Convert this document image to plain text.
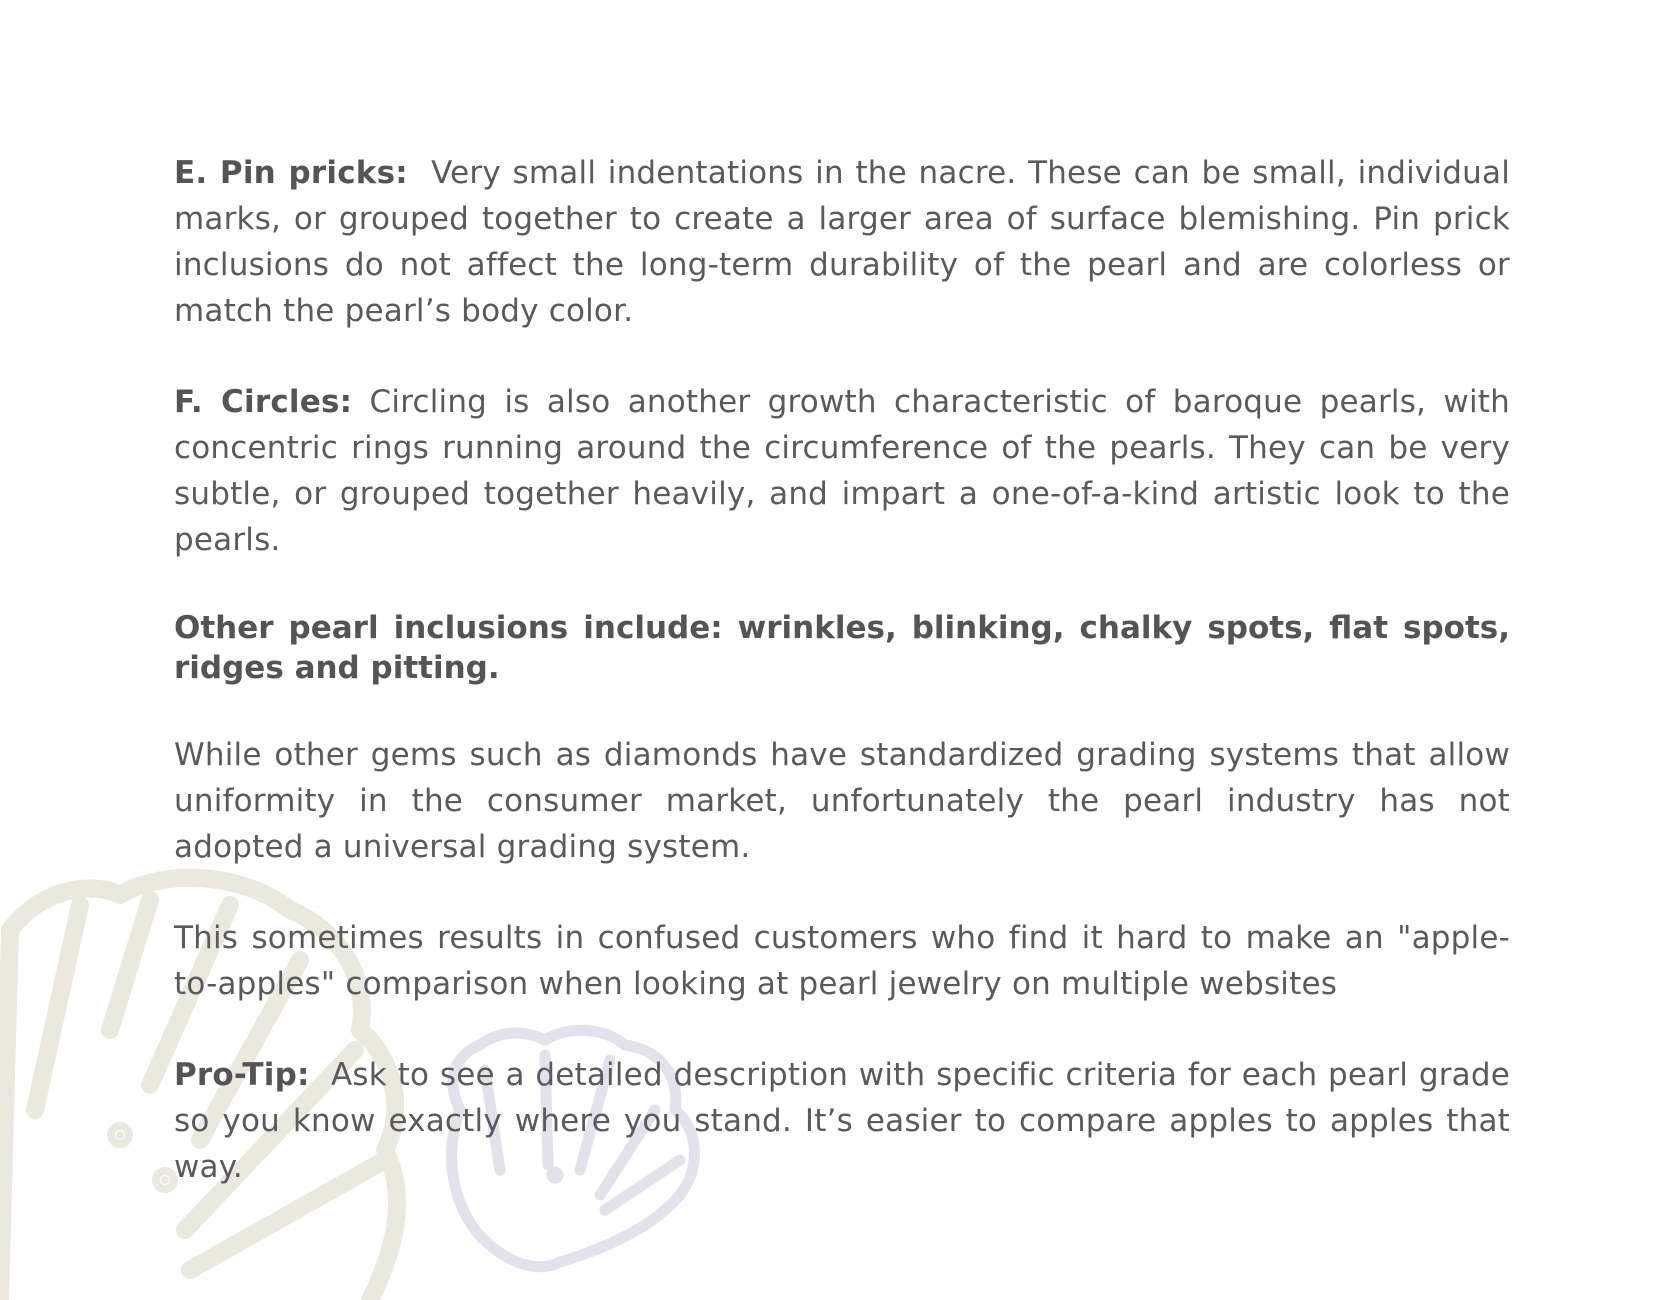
E. Pin pricks: Very small indentations in the nacre. These can be small, individual marks, or grouped together to create a larger area of surface blemishing. Pin prick inclusions do not affect the long-term durability of the pearl and are colorless or match the pearl’s body color.

F. Circles: Circling is also another growth characteristic of baroque pearls, with concentric rings running around the circumference of the pearls. They can be very subtle, or grouped together heavily, and impart a one-of-a-kind artistic look to the pearls.

Other pearl inclusions include: wrinkles, blinking, chalky spots, flat spots, ridges and pitting.

While other gems such as diamonds have standardized grading systems that allow uniformity in the consumer market, unfortunately the pearl industry has not adopted a universal grading system.

This sometimes results in confused customers who find it hard to make an "apple-to-apples" comparison when looking at pearl jewelry on multiple websites

Pro-Tip: Ask to see a detailed description with specific criteria for each pearl grade so you know exactly where you stand. It’s easier to compare apples to apples that way.
